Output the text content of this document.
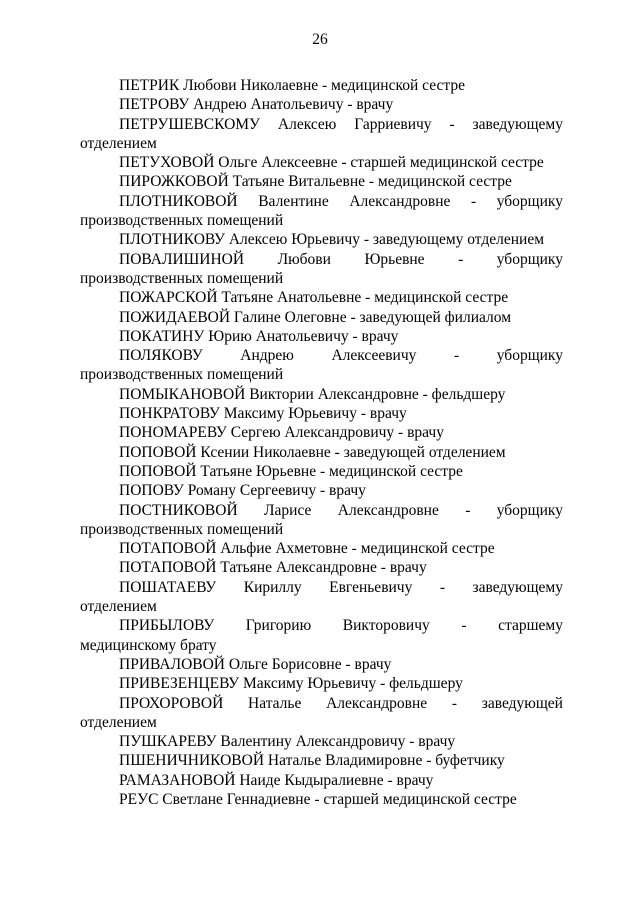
26
ПЕТРИК Любови Николаевне - медицинской сестре
ПЕТРОВУ Андрею Анатольевичу - врачу
ПЕТРУШЕВСКОМУ Алексею Гарриевичу - заведующему
отделением
ПЕТУХОВОЙ Ольге Алексеевне - старшей медицинской сестре
ПИРОЖКОВОЙ Татьяне Витальевне - медицинской сестре
ПЛОТНИКОВОЙ Валентине Александровне - уборщику
производственных помещений
ПЛОТНИКОВУ Алексею Юрьевичу - заведующему отделением
ПОВАЛИШИНОЙ Любови Юрьевне - уборщику
производственных помещений
ПОЖАРСКОЙ Татьяне Анатольевне - медицинской сестре
ПОЖИДАЕВОЙ Галине Олеговне - заведующей филиалом
ПОКАТИНУ Юрию Анатольевичу - врачу
ПОЛЯКОВУ Андрею Алексеевичу - уборщику
производственных помещений
ПОМЫКАНОВОЙ Виктории Александровне - фельдшеру
ПОНКРАТОВУ Максиму Юрьевичу - врачу
ПОНОМАРЕВУ Сергею Александровичу - врачу
ПОПОВОЙ Ксении Николаевне - заведующей отделением
ПОПОВОЙ Татьяне Юрьевне - медицинской сестре
ПОПОВУ Роману Сергеевичу - врачу
ПОСТНИКОВОЙ Ларисе Александровне - уборщику
производственных помещений
ПОТАПОВОЙ Альфие Ахметовне - медицинской сестре
ПОТАПОВОЙ Татьяне Александровне - врачу
ПОШАТАЕВУ Кириллу Евгеньевичу - заведующему
отделением
ПРИБЫЛОВУ Григорию Викторовичу - старшему
медицинскому брату
ПРИВАЛОВОЙ Ольге Борисовне - врачу
ПРИВЕЗЕНЦЕВУ Максиму Юрьевичу - фельдшеру
ПРОХОРОВОЙ Наталье Александровне - заведующей
отделением
ПУШКАРЕВУ Валентину Александровичу - врачу
ПШЕНИЧНИКОВОЙ Наталье Владимировне - буфетчику
РАМАЗАНОВОЙ Наиде Кыдыралиевне - врачу
РЕУС Светлане Геннадиевне - старшей медицинской сестре
